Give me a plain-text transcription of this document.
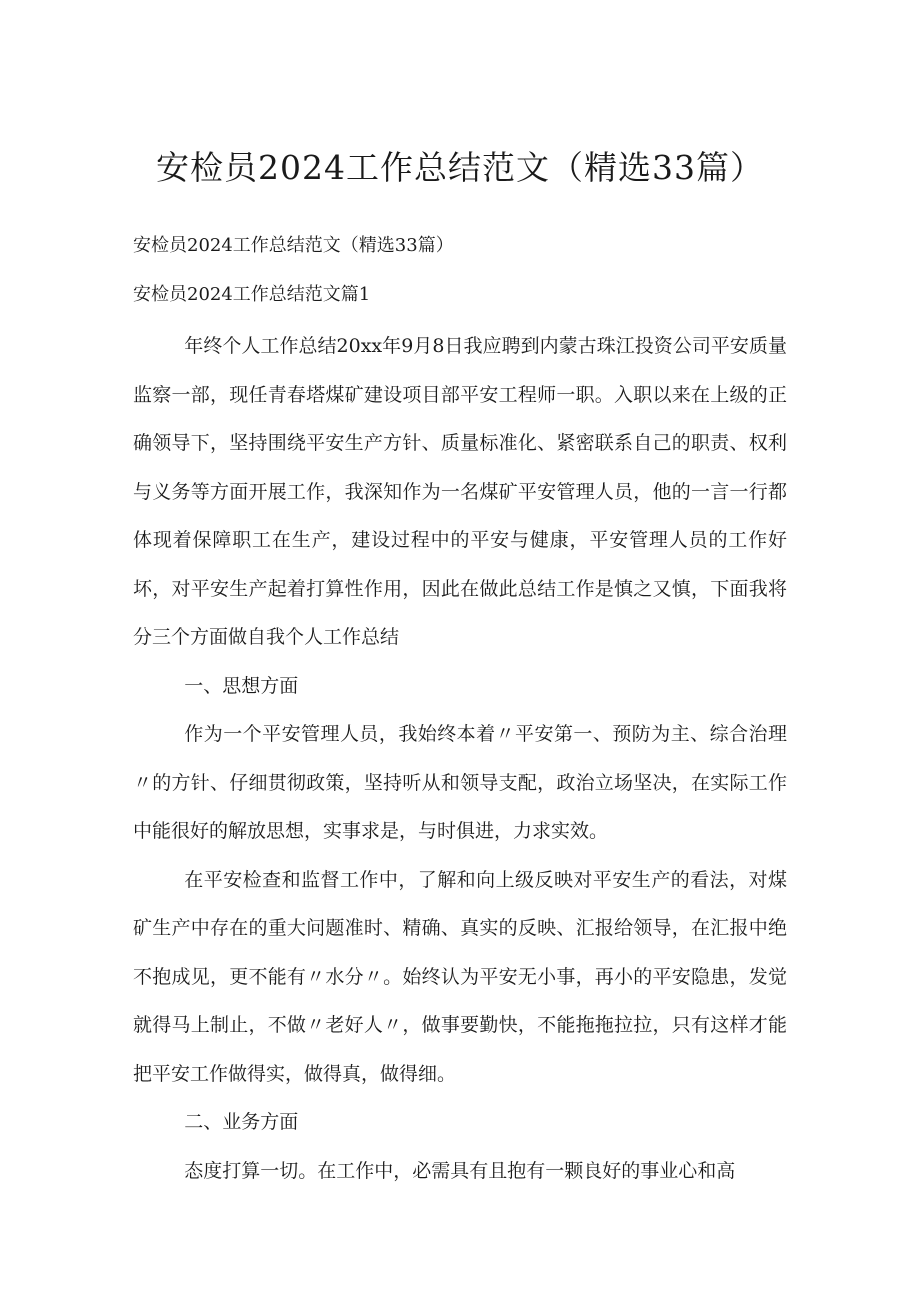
安检员2024工作总结范文（精选33篇）
安检员2024工作总结范文（精选33篇）
安检员2024工作总结范文篇1

年终个人工作总结20xx年9月8日我应聘到内蒙古珠江投资公司平安质量监察一部，现任青春塔煤矿建设项目部平安工程师一职。入职以来在上级的正确领导下，坚持围绕平安生产方针、质量标准化、紧密联系自己的职责、权利与义务等方面开展工作，我深知作为一名煤矿平安管理人员，他的一言一行都体现着保障职工在生产，建设过程中的平安与健康，平安管理人员的工作好坏，对平安生产起着打算性作用，因此在做此总结工作是慎之又慎，下面我将分三个方面做自我个人工作总结

一、思想方面

作为一个平安管理人员，我始终本着〃平安第一、预防为主、综合治理〃的方针、仔细贯彻政策，坚持听从和领导支配，政治立场坚决，在实际工作中能很好的解放思想，实事求是，与时俱进，力求实效。

在平安检查和监督工作中，了解和向上级反映对平安生产的看法，对煤矿生产中存在的重大问题准时、精确、真实的反映、汇报给领导，在汇报中绝不抱成见，更不能有〃水分〃。始终认为平安无小事，再小的平安隐患，发觉就得马上制止，不做〃老好人〃，做事要勤快，不能拖拖拉拉，只有这样才能把平安工作做得实，做得真，做得细。

二、业务方面

态度打算一切。在工作中，必需具有且抱有一颗良好的事业心和高
